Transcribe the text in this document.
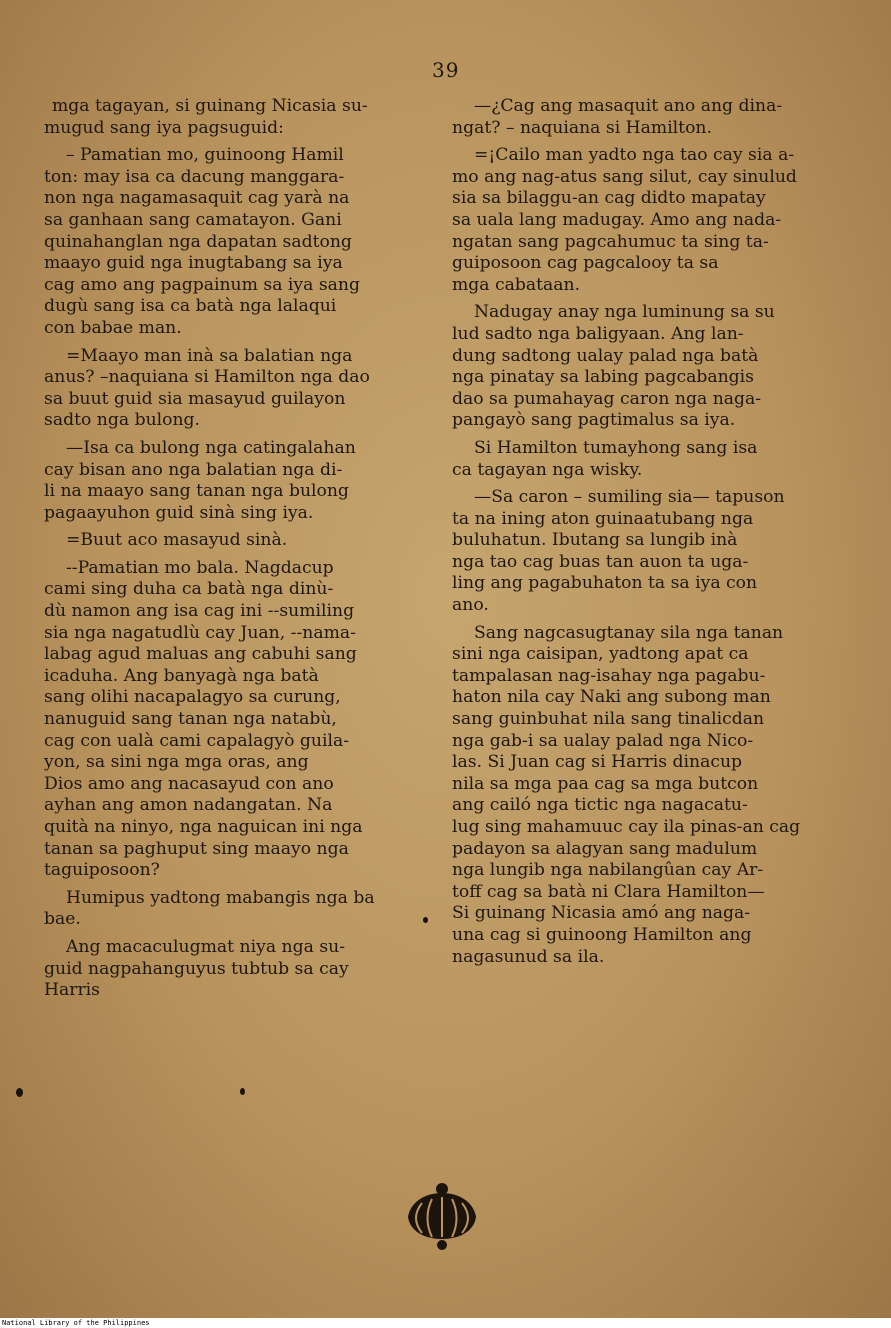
39

mga tagayan, si guinang Nicasia su-
mugud sang iya pagsuguid:

– Pamatian mo, guinoong Hamil
ton: may isa ca dacung manggara-
non nga nagamasaquit cag yarà na
sa ganhaan sang camatayon. Gani
quinahanglan nga dapatan sadtong
maayo guid nga inugtabang sa iya
cag amo ang pagpainum sa iya sang
dugù sang isa ca batà nga lalaqui
con babae man.

=Maayo man inà sa balatian nga
anus? –naquiana si Hamilton nga dao
sa buut guid sia masayud guilayon
sadto nga bulong.

—Isa ca bulong nga catingalahan
cay bisan ano nga balatian nga di-
li na maayo sang tanan nga bulong
pagaayuhon guid sinà sing iya.

=Buut aco masayud sinà.

--Pamatian mo bala. Nagdacup
cami sing duha ca batà nga dinù-
dù namon ang isa cag ini --sumiling
sia nga nagatudlù cay Juan, --nama-
labag agud maluas ang cabuhi sang
icaduha. Ang banyagà nga batà
sang olihi nacapalagyo sa curung,
nanuguid sang tanan nga natabù,
cag con ualà cami capalagyò guila-
yon, sa sini nga mga oras, ang
Dios amo ang nacasayud con ano
ayhan ang amon nadangatan. Na
quità na ninyo, nga naguican ini nga
tanan sa paghuput sing maayo nga
taguiposoon?

Humipus yadtong mabangis nga ba
bae.

Ang macaculugmat niya nga su-
guid nagpahanguyus tubtub sa cay
Harris

—¿Cag ang masaquit ano ang dina-
ngat? – naquiana si Hamilton.

=¡Cailo man yadto nga tao cay sia a-
mo ang nag-atus sang silut, cay sinulud
sia sa bilaggu-an cag didto mapatay
sa uala lang madugay. Amo ang nada-
ngatan sang pagcahumuc ta sing ta-
guiposoon cag pagcalooy ta sa
mga cabataan.

Nadugay anay nga luminung sa su
lud sadto nga baligyaan. Ang lan-
dung sadtong ualay palad nga batà
nga pinatay sa labing pagcabangis
dao sa pumahayag caron nga naga-
pangayò sang pagtimalus sa iya.

Si Hamilton tumayhong sang isa
ca tagayan nga wisky.

—Sa caron – sumiling sia— tapuson
ta na ining aton guinaatubang nga
buluhatun. Ibutang sa lungib inà
nga tao cag buas tan auon ta uga-
ling ang pagabuhaton ta sa iya con
ano.

Sang nagcasugtanay sila nga tanan
sini nga caisipan, yadtong apat ca
tampalasan nag-isahay nga pagabu-
haton nila cay Naki ang subong man
sang guinbuhat nila sang tinalicdan
nga gab-i sa ualay palad nga Nico-
las. Si Juan cag si Harris dinacup
nila sa mga paa cag sa mga butcon
ang cailó nga tictic nga nagacatu-
lug sing mahamuuc cay ila pinas-an cag
padayon sa alagyan sang madulum
nga lungib nga nabilangûan cay Ar-
toff cag sa batà ni Clara Hamilton—
Si guinang Nicasia amó ang naga-
una cag si guinoong Hamilton ang
nagasunud sa ila.

National Library of the Philippines
